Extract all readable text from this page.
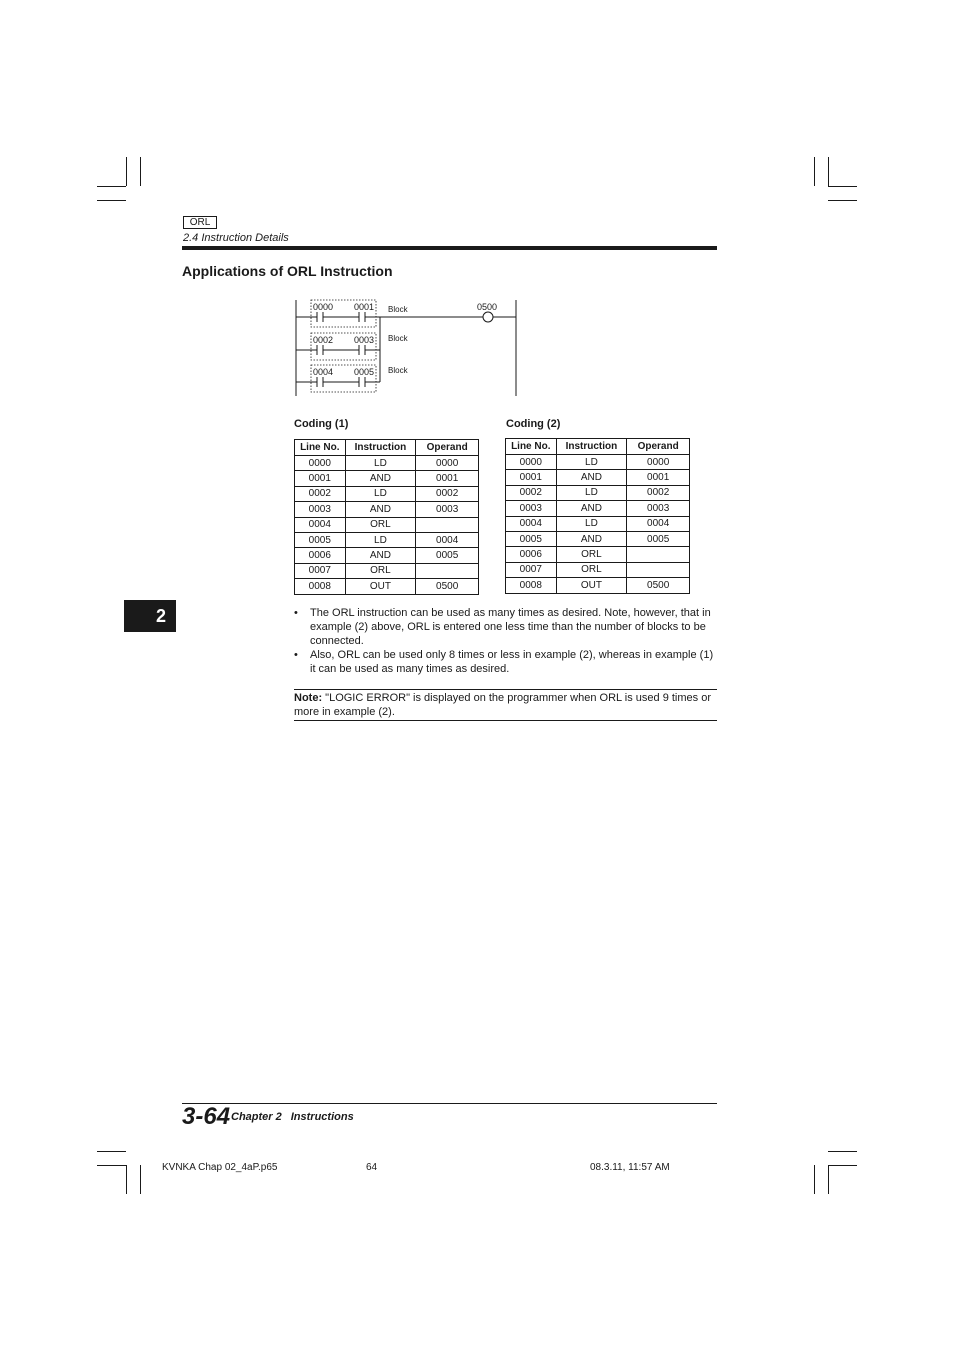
ORL
2.4 Instruction Details
Applications of ORL Instruction
0000 0001
0002 0003
0004 0005
Block
Block
Block
0500
Coding (1)
Line No.	Instruction	Operand
0000	LD	0000
0001	AND	0001
0002	LD	0002
0003	AND	0003
0004	ORL	
0005	LD	0004
0006	AND	0005
0007	ORL	
0008	OUT	0500
Coding (2)
Line No.	Instruction	Operand
0000	LD	0000
0001	AND	0001
0002	LD	0002
0003	AND	0003
0004	LD	0004
0005	AND	0005
0006	ORL	
0007	ORL	
0008	OUT	0500
2	• The ORL instruction can be used as many times as desired. Note, however, that in example (2) above, ORL is entered one less time than the number of blocks to be connected.
• Also, ORL can be used only 8 times or less in example (2), whereas in example (1) it can be used as many times as desired.
Note: "LOGIC ERROR" is displayed on the programmer when ORL is used 9 times or more in example (2).
3-64 Chapter 2 Instructions
KVNKA Chap 02_4aP.p65	64	08.3.11, 11:57 AM
